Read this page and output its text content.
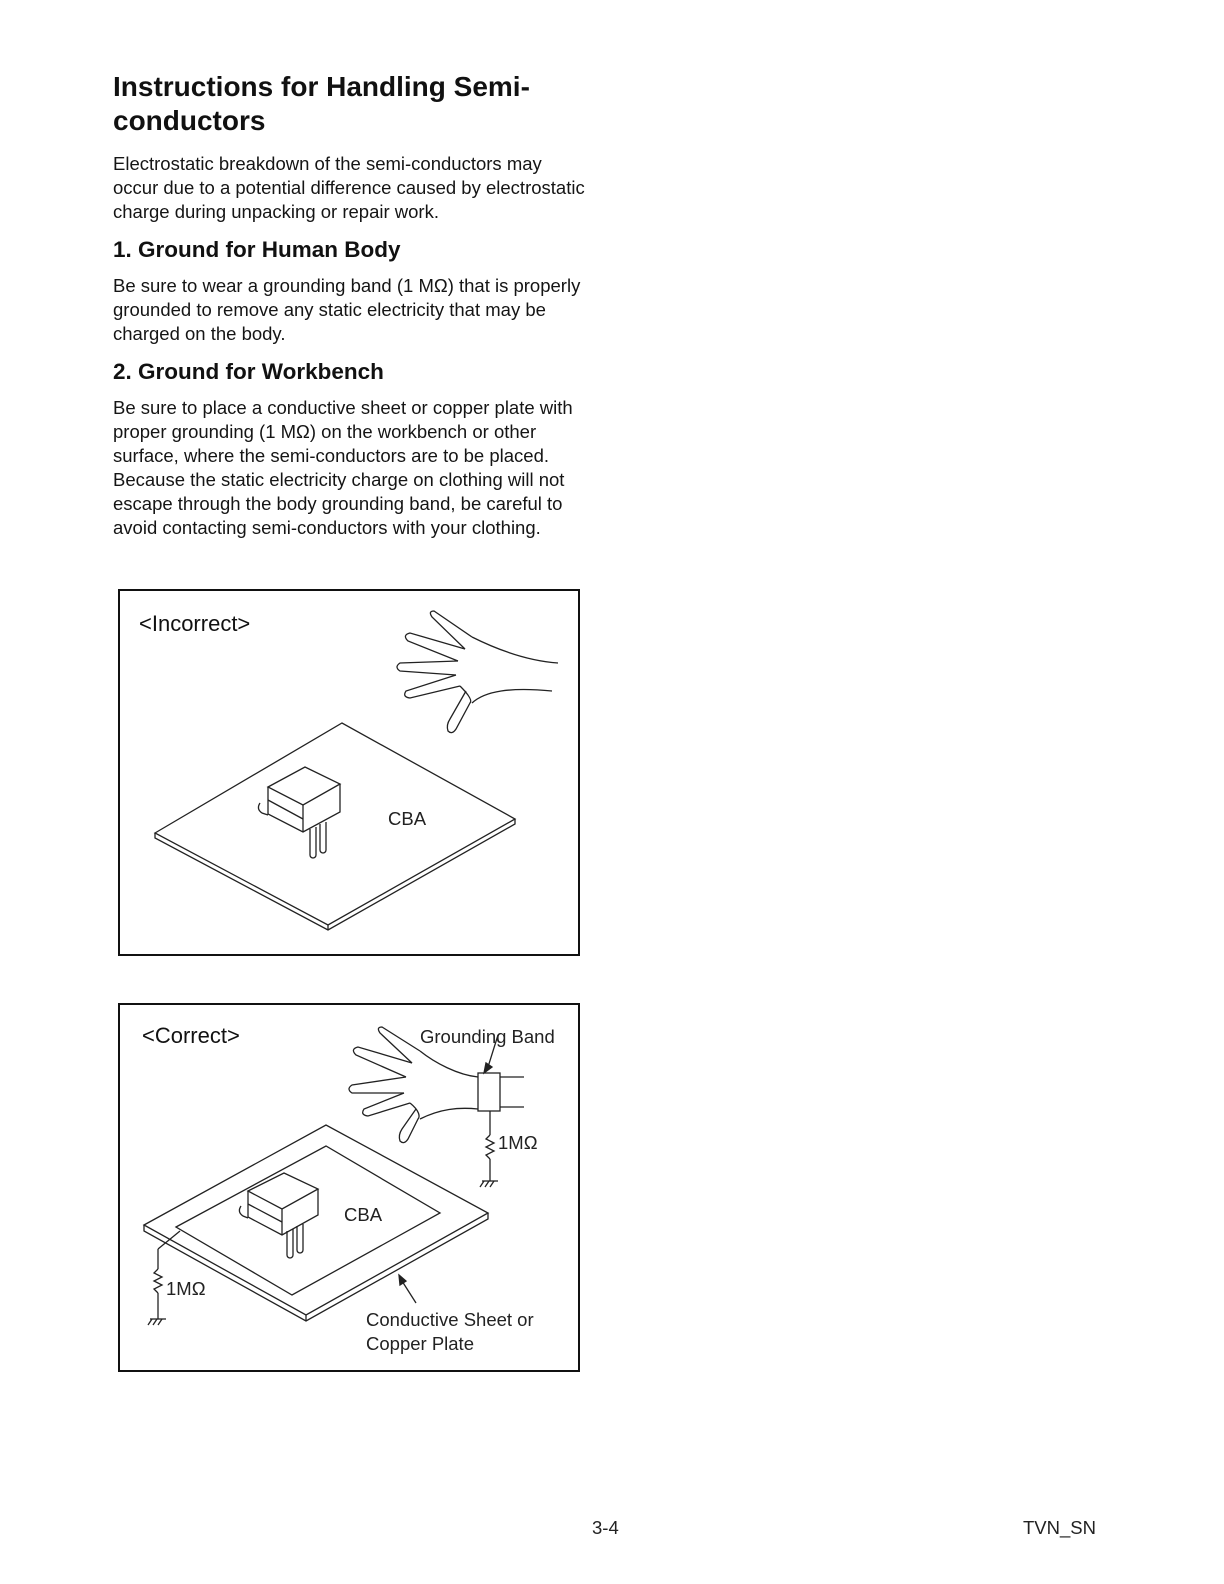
Instructions for Handling Semi-conductors

Electrostatic breakdown of the semi-conductors may occur due to a potential difference caused by electrostatic charge during unpacking or repair work.

1. Ground for Human Body

Be sure to wear a grounding band (1 MΩ) that is properly grounded to remove any static electricity that may be charged on the body.

2. Ground for Workbench

Be sure to place a conductive sheet or copper plate with proper grounding (1 MΩ) on the workbench or other surface, where the semi-conductors are to be placed. Because the static electricity charge on clothing will not escape through the body grounding band, be careful to avoid contacting semi-conductors with your clothing.

<Incorrect>
CBA
<Correct>	Grounding Band
1MΩ
CBA
1MΩ
Conductive Sheet or
Copper Plate
3-4	TVN_SN
